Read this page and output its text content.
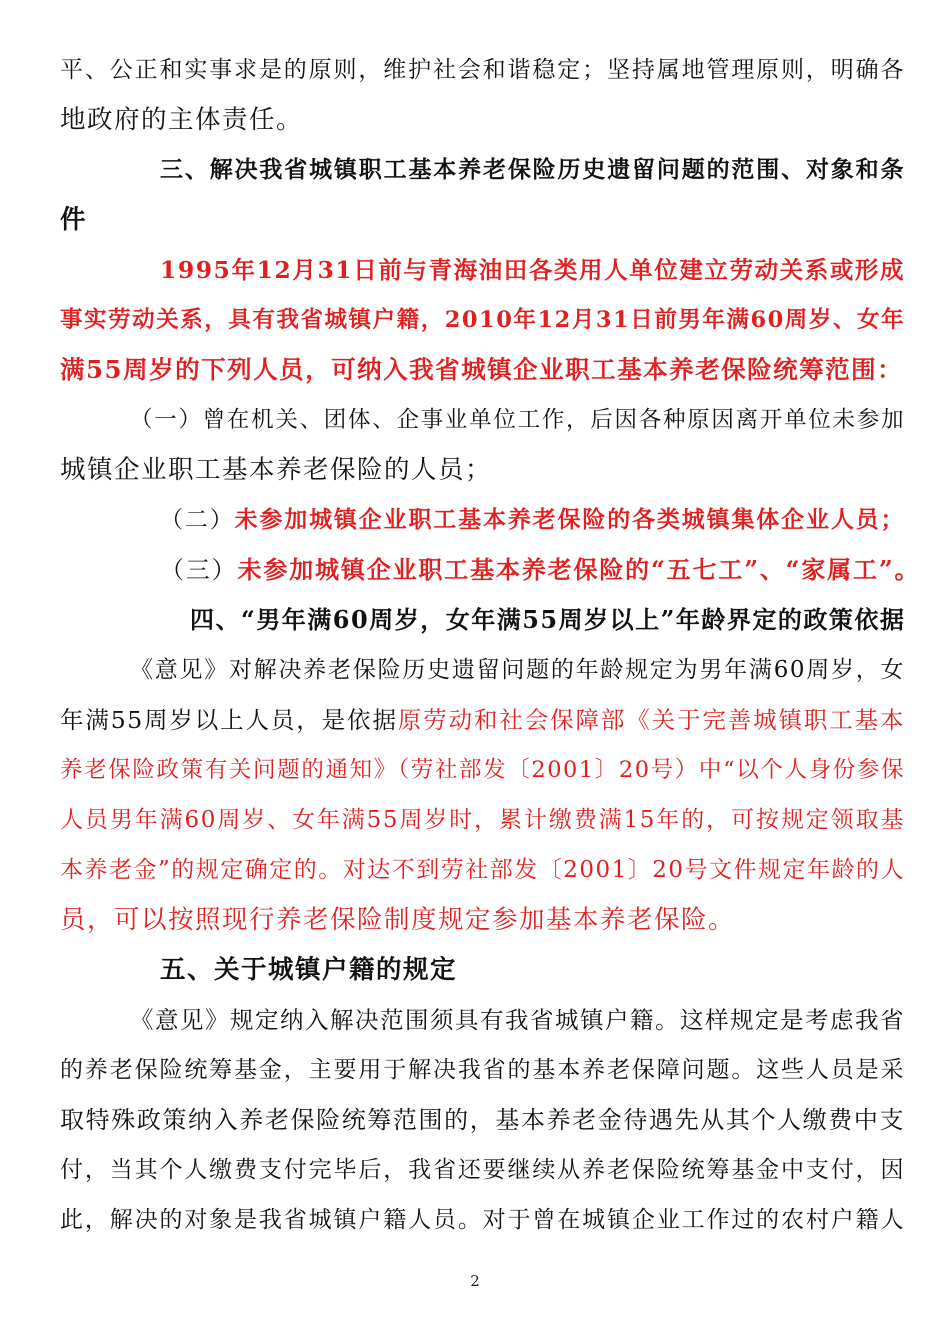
平、公正和实事求是的原则，维护社会和谐稳定；坚持属地管理原则，明确各
地政府的主体责任。
三、解决我省城镇职工基本养老保险历史遗留问题的范围、对象和条
件
1995年12月31日前与青海油田各类用人单位建立劳动关系或形成
事实劳动关系，具有我省城镇户籍，2010年12月31日前男年满60周岁、女年
满55周岁的下列人员，可纳入我省城镇企业职工基本养老保险统筹范围：
（一）曾在机关、团体、企事业单位工作，后因各种原因离开单位未参加
城镇企业职工基本养老保险的人员；
（二）未参加城镇企业职工基本养老保险的各类城镇集体企业人员；
（三）未参加城镇企业职工基本养老保险的“五七工”、“家属工”。
四、“男年满60周岁，女年满55周岁以上”年龄界定的政策依据
《意见》对解决养老保险历史遗留问题的年龄规定为男年满60周岁，女
年满55周岁以上人员，是依据原劳动和社会保障部《关于完善城镇职工基本
养老保险政策有关问题的通知》（劳社部发〔2001〕20号）中“以个人身份参保
人员男年满60周岁、女年满55周岁时，累计缴费满15年的，可按规定领取基
本养老金”的规定确定的。对达不到劳社部发〔2001〕20号文件规定年龄的人
员，可以按照现行养老保险制度规定参加基本养老保险。
五、关于城镇户籍的规定
《意见》规定纳入解决范围须具有我省城镇户籍。这样规定是考虑我省
的养老保险统筹基金，主要用于解决我省的基本养老保障问题。这些人员是采
取特殊政策纳入养老保险统筹范围的，基本养老金待遇先从其个人缴费中支
付，当其个人缴费支付完毕后，我省还要继续从养老保险统筹基金中支付，因
此，解决的对象是我省城镇户籍人员。对于曾在城镇企业工作过的农村户籍人
2
